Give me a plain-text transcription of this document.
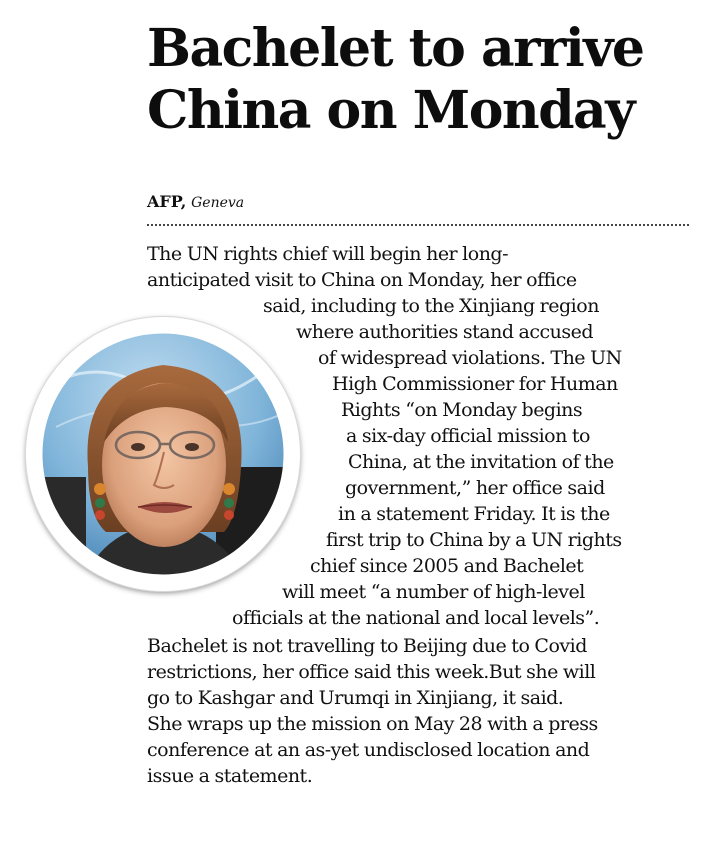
Bachelet to arrive China on Monday
AFP, Geneva

The UN rights chief will begin her long-

anticipated visit to China on Monday, her office

said, including to the Xinjiang region

where authorities stand accused

of widespread violations. The UN

High Commissioner for Human

Rights “on Monday begins

a six-day official mission to

China, at the invitation of the

government,” her office said

in a statement Friday. It is the

first trip to China by a UN rights

chief since 2005 and Bachelet

will meet “a number of high-level

officials at the national and local levels”.

Bachelet is not travelling to Beijing due to Covid

restrictions, her office said this week.But she will

go to Kashgar and Urumqi in Xinjiang, it said.

She wraps up the mission on May 28 with a press

conference at an as-yet undisclosed location and

issue a statement.
